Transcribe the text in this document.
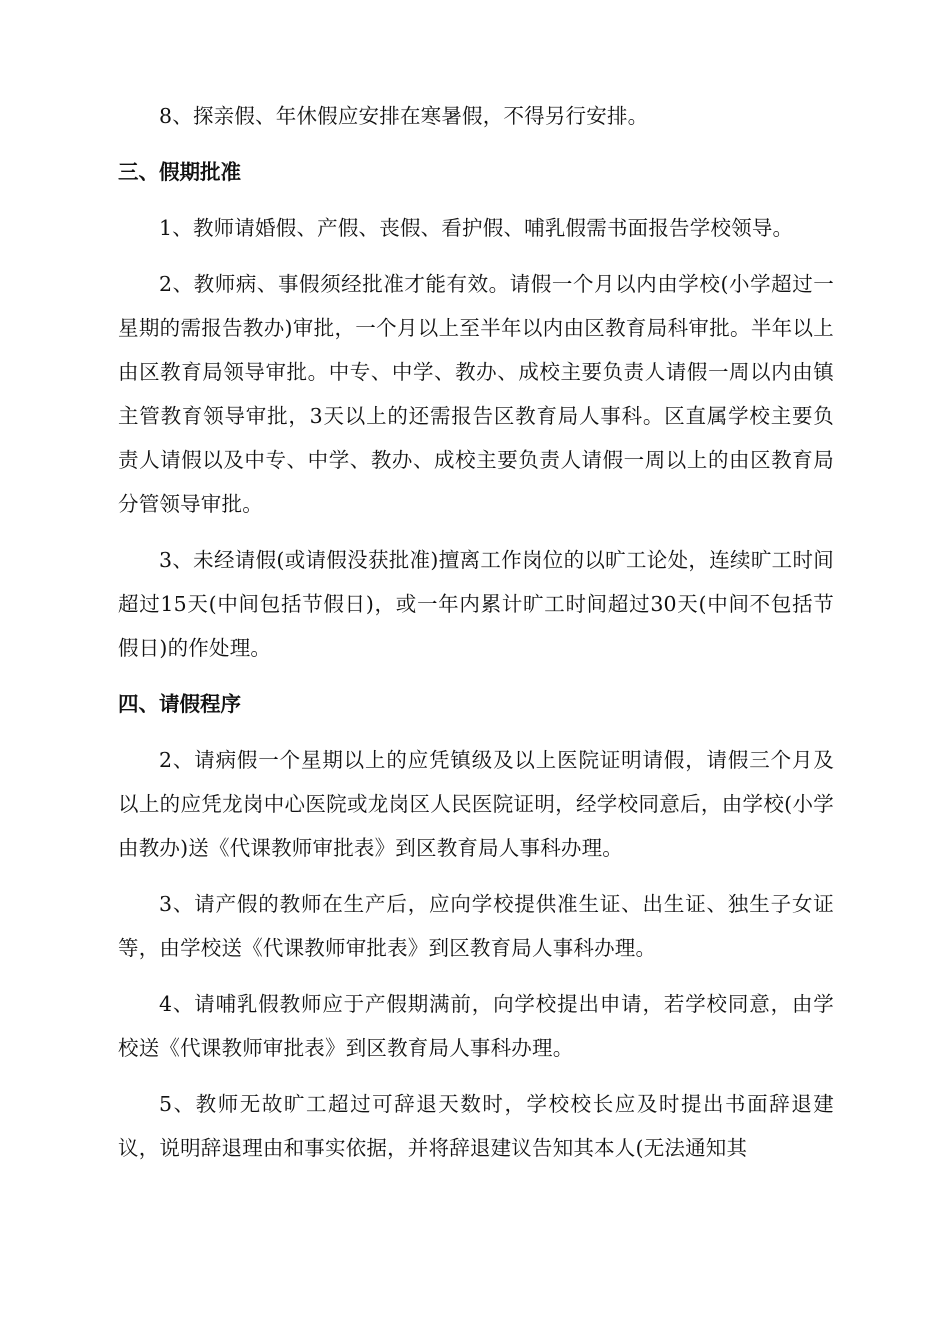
8、探亲假、年休假应安排在寒暑假，不得另行安排。

三、假期批准

1、教师请婚假、产假、丧假、看护假、哺乳假需书面报告学校领导。

2、教师病、事假须经批准才能有效。请假一个月以内由学校(小学超过一星期的需报告教办)审批，一个月以上至半年以内由区教育局科审批。半年以上由区教育局领导审批。中专、中学、教办、成校主要负责人请假一周以内由镇主管教育领导审批，3天以上的还需报告区教育局人事科。区直属学校主要负责人请假以及中专、中学、教办、成校主要负责人请假一周以上的由区教育局分管领导审批。

3、未经请假(或请假没获批准)擅离工作岗位的以旷工论处，连续旷工时间超过15天(中间包括节假日)，或一年内累计旷工时间超过30天(中间不包括节假日)的作处理。

四、请假程序

2、请病假一个星期以上的应凭镇级及以上医院证明请假，请假三个月及以上的应凭龙岗中心医院或龙岗区人民医院证明，经学校同意后，由学校(小学由教办)送《代课教师审批表》到区教育局人事科办理。

3、请产假的教师在生产后，应向学校提供准生证、出生证、独生子女证等，由学校送《代课教师审批表》到区教育局人事科办理。

4、请哺乳假教师应于产假期满前，向学校提出申请，若学校同意，由学校送《代课教师审批表》到区教育局人事科办理。

5、教师无故旷工超过可辞退天数时，学校校长应及时提出书面辞退建议，说明辞退理由和事实依据，并将辞退建议告知其本人(无法通知其
